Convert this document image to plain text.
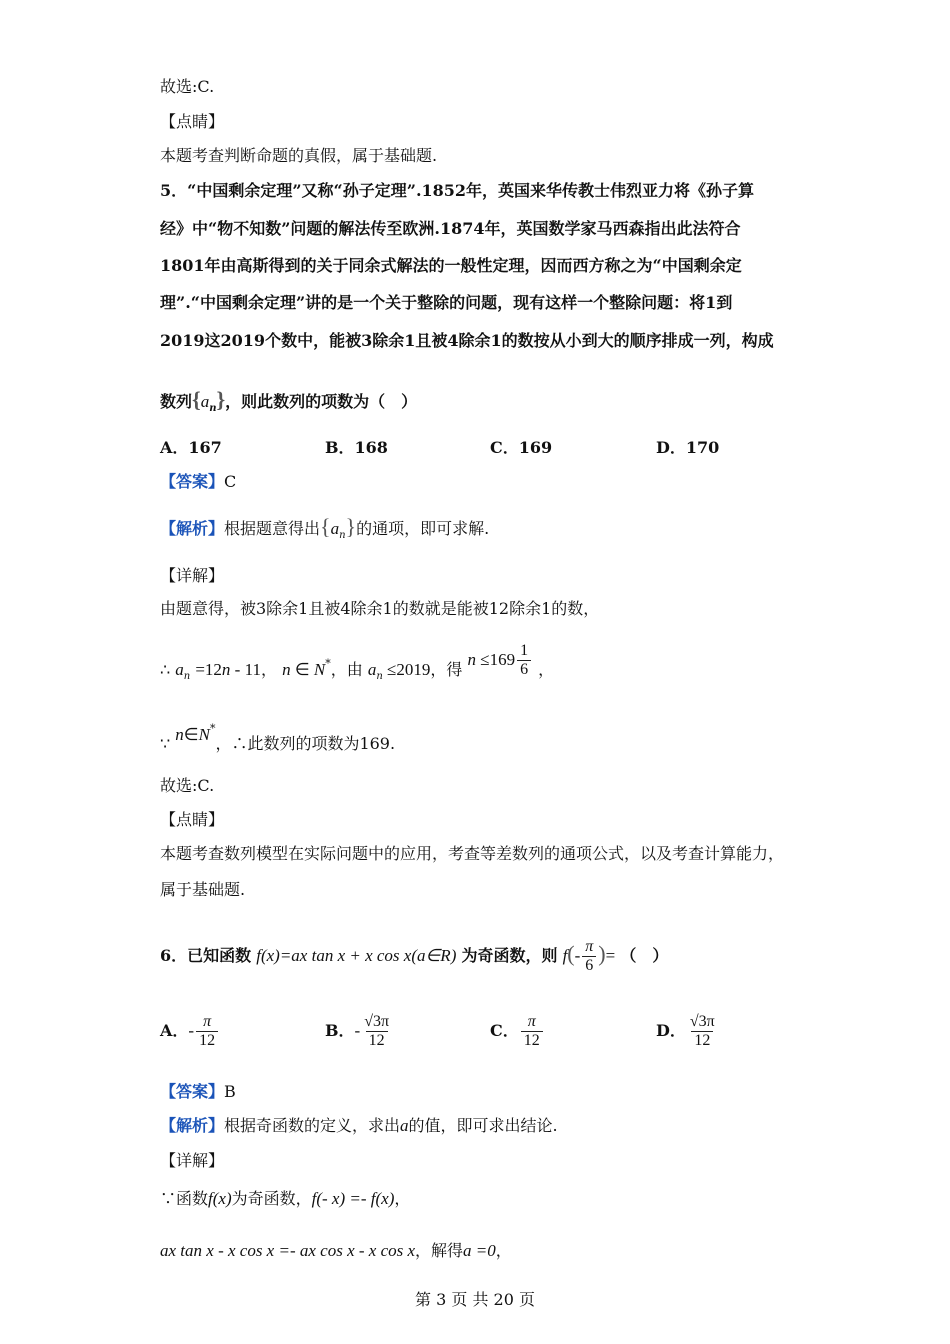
故选:C.
【点睛】
本题考查判断命题的真假，属于基础题.
5．“中国剩余定理”又称“孙子定理”.1852年，英国来华传教士伟烈亚力将《孙子算
经》中“物不知数”问题的解法传至欧洲.1874年，英国数学家马西森指出此法符合
1801年由高斯得到的关于同余式解法的一般性定理，因而西方称之为“中国剩余定
理”.“中国剩余定理”讲的是一个关于整除的问题，现有这样一个整除问题：将1到
2019这2019个数中，能被3除余1且被4除余1的数按从小到大的顺序排成一列，构成
数列$\{a_n\}$，则此数列的项数为（　）
A．167	B．168	C．169	D．170
【答案】C
【解析】根据题意得出$\{a_n\}$的通项，即可求解.
【详解】
由题意得，被3除余1且被4除余1的数就是能被12除余1的数，
∴ $a_n =12n - 11$， n ∈ N*，由 $a_n \le 2019$，得 $n \le 169 \frac{1}{6}$ ，
∵ n∈N*，∴此数列的项数为169.
故选:C.
【点睛】
本题考查数列模型在实际问题中的应用，考查等差数列的通项公式，以及考查计算能力，
属于基础题.
6．已知函数 f(x)=ax tan x + x cos x(a∈R) 为奇函数，则 $f(- \frac{\pi}{6}$ )= （　）
A．- $\frac{\pi}{12}$	B．- $\frac{√3\pi}{12}$	C． $\frac{\pi}{12}$	D． $\frac{√3\pi}{12}$
【答案】B
【解析】根据奇函数的定义，求出a的值，即可求出结论.
【详解】
∵函数f(x)为奇函数，f(- x) =- f(x)，
ax tan x - x cos x =- ax cos x - x cos x，解得a =0，
第 3 页 共 20 页
